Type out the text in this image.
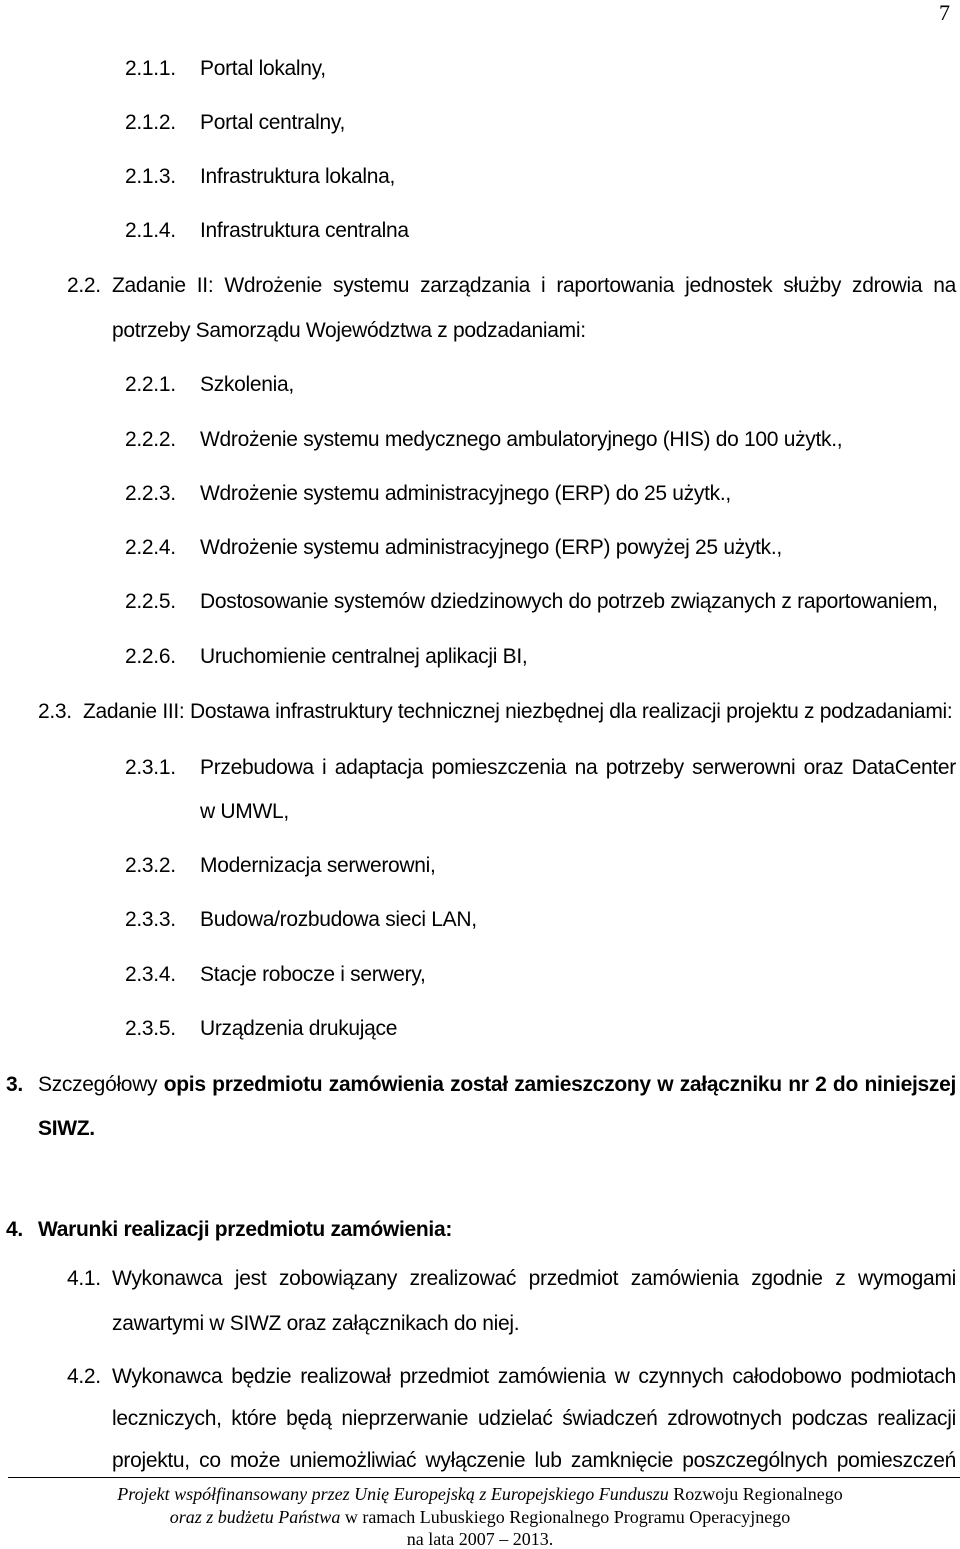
7
2.1.1. Portal lokalny,
2.1.2. Portal centralny,
2.1.3. Infrastruktura lokalna,
2.1.4. Infrastruktura centralna
2.2. Zadanie II: Wdrożenie systemu zarządzania i raportowania jednostek służby zdrowia na
potrzeby Samorządu Województwa z podzadaniami:
2.2.1. Szkolenia,
2.2.2. Wdrożenie systemu medycznego ambulatoryjnego (HIS) do 100 użytk.,
2.2.3. Wdrożenie systemu administracyjnego (ERP) do 25 użytk.,
2.2.4. Wdrożenie systemu administracyjnego (ERP) powyżej 25 użytk.,
2.2.5. Dostosowanie systemów dziedzinowych do potrzeb związanych z raportowaniem,
2.2.6. Uruchomienie centralnej aplikacji BI,
2.3. Zadanie III: Dostawa infrastruktury technicznej niezbędnej dla realizacji projektu z podzadaniami:
2.3.1. Przebudowa i adaptacja pomieszczenia na potrzeby serwerowni oraz DataCenter
w UMWL,
2.3.2. Modernizacja serwerowni,
2.3.3. Budowa/rozbudowa sieci LAN,
2.3.4. Stacje robocze i serwery,
2.3.5. Urządzenia drukujące
3. Szczegółowy opis przedmiotu zamówienia został zamieszczony w załączniku nr 2 do niniejszej
SIWZ.
4. Warunki realizacji przedmiotu zamówienia:
4.1. Wykonawca jest zobowiązany zrealizować przedmiot zamówienia zgodnie z wymogami
zawartymi w SIWZ oraz załącznikach do niej.
4.2. Wykonawca będzie realizował przedmiot zamówienia w czynnych całodobowo podmiotach
leczniczych, które będą nieprzerwanie udzielać świadczeń zdrowotnych podczas realizacji
projektu, co może uniemożliwiać wyłączenie lub zamknięcie poszczególnych pomieszczeń
Projekt współfinansowany przez Unię Europejską z Europejskiego Funduszu Rozwoju Regionalnego
oraz z budżetu Państwa w ramach Lubuskiego Regionalnego Programu Operacyjnego
na lata 2007 – 2013.
